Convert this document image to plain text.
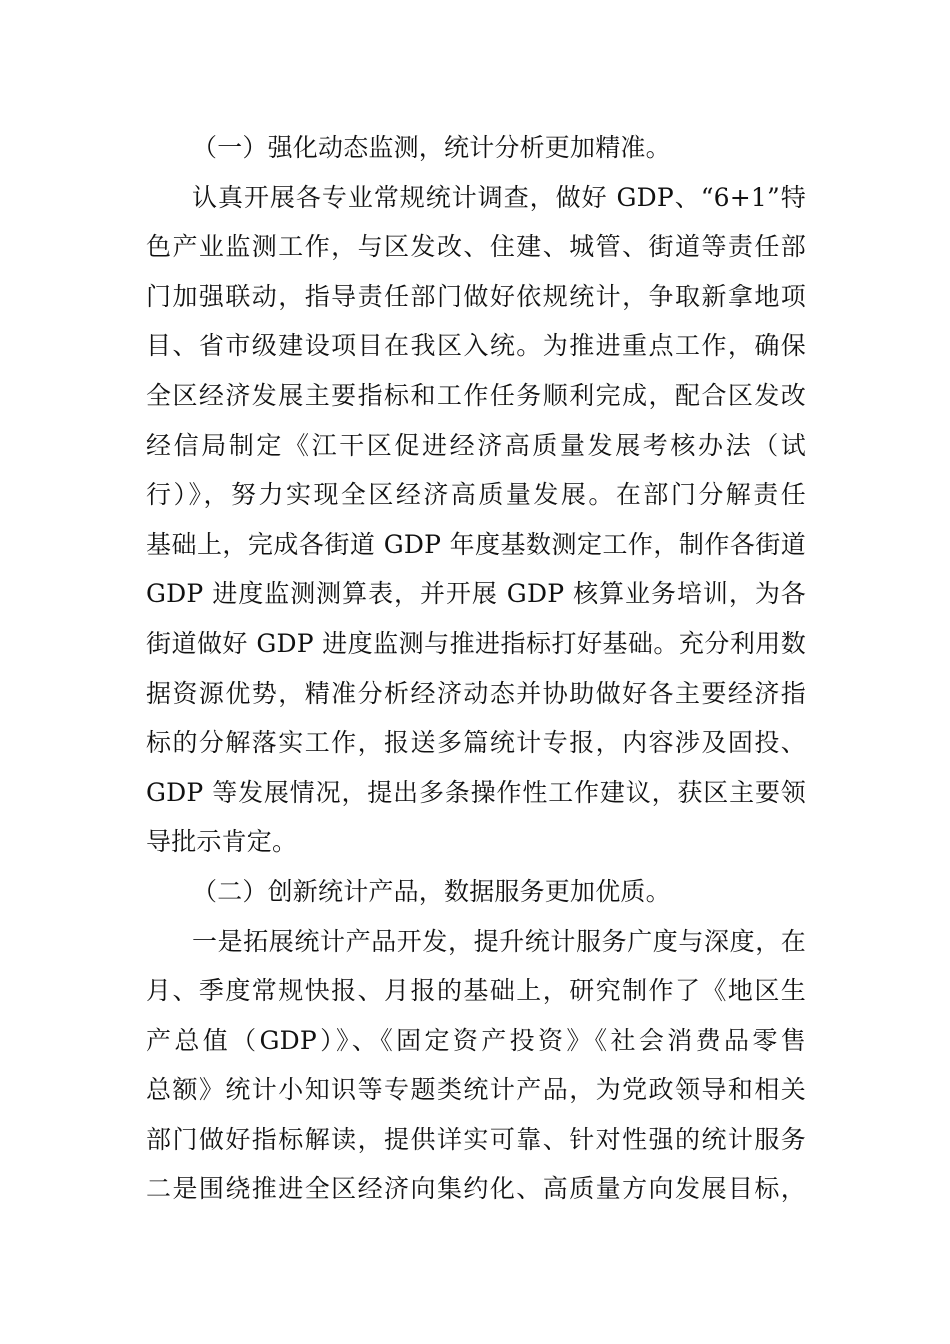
（一）强化动态监测，统计分析更加精准。
认真开展各专业常规统计调查，做好 GDP、“6+1”特
色产业监测工作，与区发改、住建、城管、街道等责任部
门加强联动，指导责任部门做好依规统计，争取新拿地项
目、省市级建设项目在我区入统。为推进重点工作，确保
全区经济发展主要指标和工作任务顺利完成，配合区发改
经信局制定《江干区促进经济高质量发展考核办法（试
行）》，努力实现全区经济高质量发展。在部门分解责任
基础上，完成各街道 GDP 年度基数测定工作，制作各街道
GDP 进度监测测算表，并开展 GDP 核算业务培训，为各
街道做好 GDP 进度监测与推进指标打好基础。充分利用数
据资源优势，精准分析经济动态并协助做好各主要经济指
标的分解落实工作，报送多篇统计专报，内容涉及固投、
GDP 等发展情况，提出多条操作性工作建议，获区主要领
导批示肯定。
（二）创新统计产品，数据服务更加优质。
一是拓展统计产品开发，提升统计服务广度与深度，在
月、季度常规快报、月报的基础上，研究制作了《地区生
产总值（GDP）》、《固定资产投资》《社会消费品零售
总额》统计小知识等专题类统计产品，为党政领导和相关
部门做好指标解读，提供详实可靠、针对性强的统计服务
二是围绕推进全区经济向集约化、高质量方向发展目标，
